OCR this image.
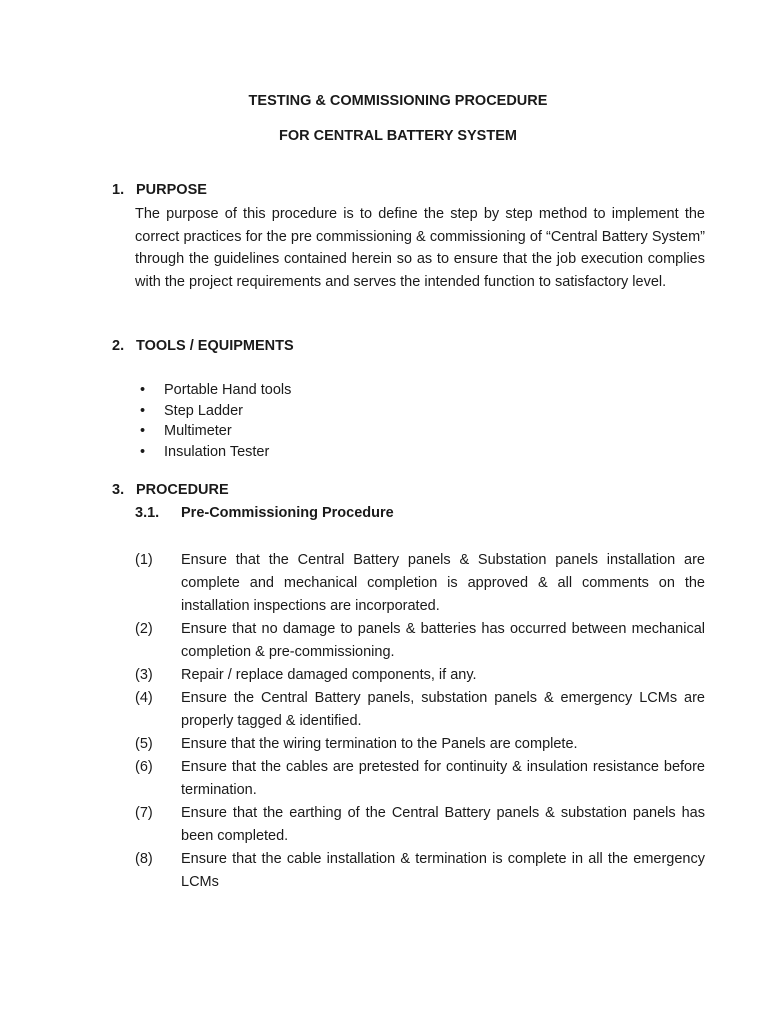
TESTING & COMMISSIONING PROCEDURE
FOR CENTRAL BATTERY SYSTEM
1. PURPOSE
The purpose of this procedure is to define the step by step method to implement the correct practices for the pre commissioning & commissioning of “Central Battery System” through the guidelines contained herein so as to ensure that the job execution complies with the project requirements and serves the intended function to satisfactory level.
2. TOOLS / EQUIPMENTS
• Portable Hand tools
• Step Ladder
• Multimeter
• Insulation Tester
3. PROCEDURE
3.1. Pre-Commissioning Procedure
(1) Ensure that the Central Battery panels & Substation panels installation are complete and mechanical completion is approved & all comments on the installation inspections are incorporated.
(2) Ensure that no damage to panels & batteries has occurred between mechanical completion & pre-commissioning.
(3) Repair / replace damaged components, if any.
(4) Ensure the Central Battery panels, substation panels & emergency LCMs are properly tagged & identified.
(5) Ensure that the wiring termination to the Panels are complete.
(6) Ensure that the cables are pretested for continuity & insulation resistance before termination.
(7) Ensure that the earthing of the Central Battery panels & substation panels has been completed.
(8) Ensure that the cable installation & termination is complete in all the emergency LCMs
